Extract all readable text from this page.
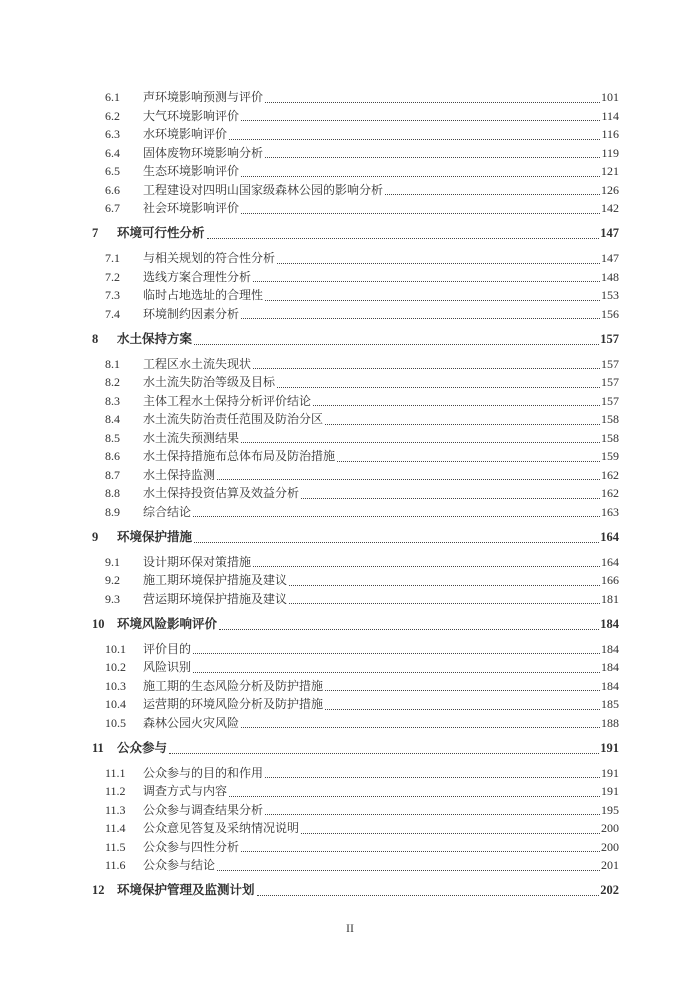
6.1	声环境影响预测与评价	101
6.2	大气环境影响评价	114
6.3	水环境影响评价	116
6.4	固体废物环境影响分析	119
6.5	生态环境影响评价	121
6.6	工程建设对四明山国家级森林公园的影响分析	126
6.7	社会环境影响评价	142
7	环境可行性分析	147
7.1	与相关规划的符合性分析	147
7.2	选线方案合理性分析	148
7.3	临时占地选址的合理性	153
7.4	环境制约因素分析	156
8	水土保持方案	157
8.1	工程区水土流失现状	157
8.2	水土流失防治等级及目标	157
8.3	主体工程水土保持分析评价结论	157
8.4	水土流失防治责任范围及防治分区	158
8.5	水土流失预测结果	158
8.6	水土保持措施布总体布局及防治措施	159
8.7	水土保持监测	162
8.8	水土保持投资估算及效益分析	162
8.9	综合结论	163
9	环境保护措施	164
9.1	设计期环保对策措施	164
9.2	施工期环境保护措施及建议	166
9.3	营运期环境保护措施及建议	181
10	环境风险影响评价	184
10.1	评价目的	184
10.2	风险识别	184
10.3	施工期的生态风险分析及防护措施	184
10.4	运营期的环境风险分析及防护措施	185
10.5	森林公园火灾风险	188
11	公众参与	191
11.1	公众参与的目的和作用	191
11.2	调查方式与内容	191
11.3	公众参与调查结果分析	195
11.4	公众意见答复及采纳情况说明	200
11.5	公众参与四性分析	200
11.6	公众参与结论	201
12	环境保护管理及监测计划	202
II
